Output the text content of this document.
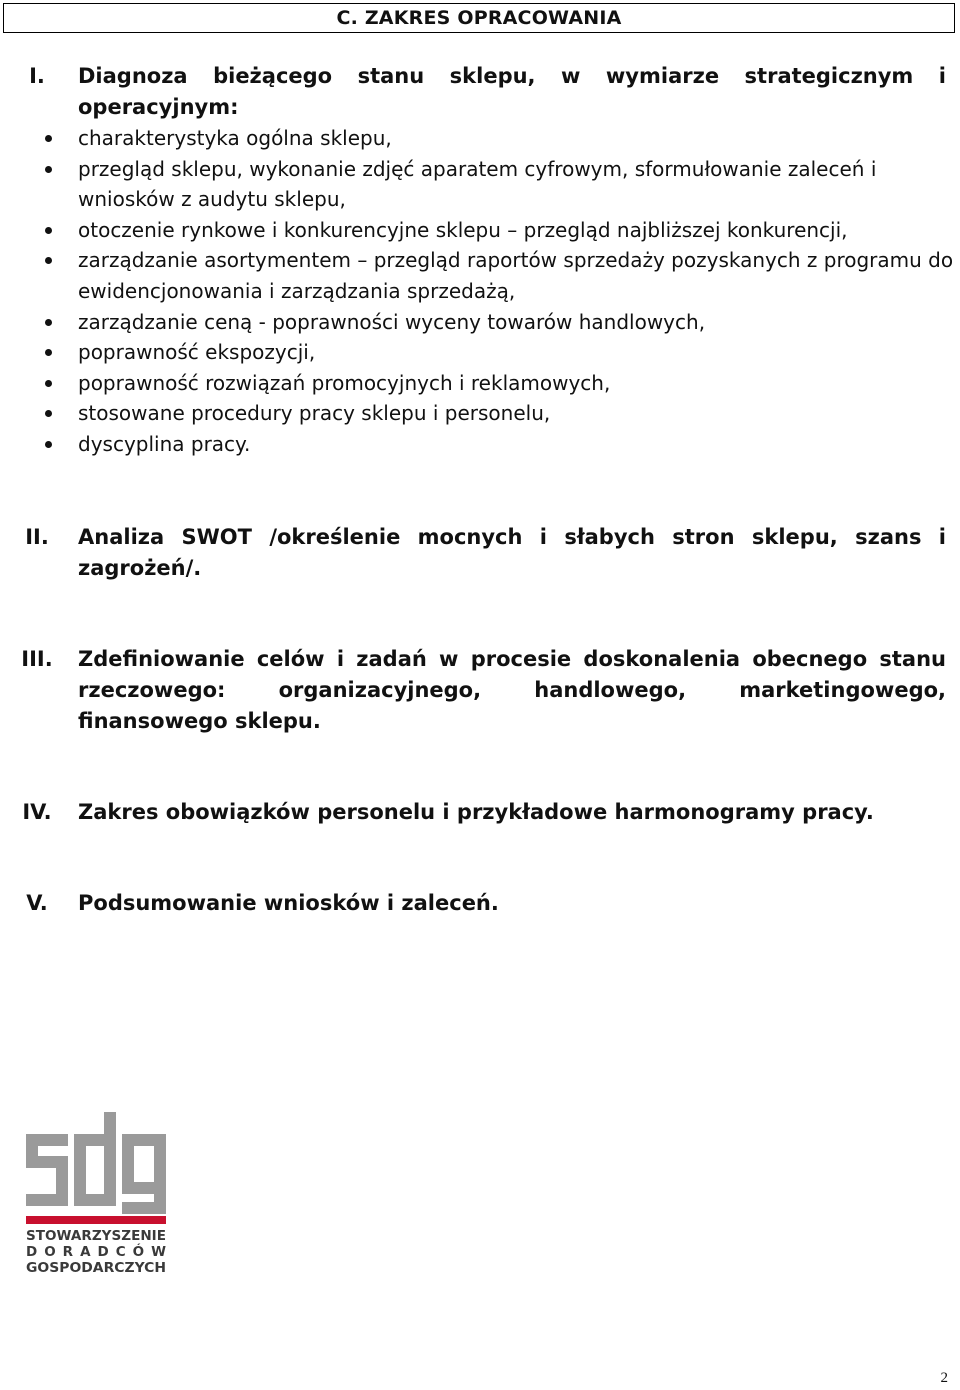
C. ZAKRES OPRACOWANIA
I.	Diagnoza bieżącego stanu sklepu, w wymiarze strategicznym i operacyjnym:
charakterystyka ogólna sklepu,
przegląd sklepu, wykonanie zdjęć aparatem cyfrowym, sformułowanie zaleceń i wniosków z audytu sklepu,
otoczenie rynkowe i konkurencyjne sklepu – przegląd najbliższej konkurencji,
zarządzanie asortymentem – przegląd raportów sprzedaży pozyskanych z programu do ewidencjonowania i zarządzania sprzedażą,
zarządzanie ceną - poprawności wyceny towarów handlowych,
poprawność ekspozycji,
poprawność rozwiązań promocyjnych i reklamowych,
stosowane procedury pracy sklepu i personelu,
dyscyplina pracy.
II.	Analiza SWOT /określenie mocnych i słabych stron sklepu, szans i zagrożeń/.
III.	Zdefiniowanie celów i zadań w procesie doskonalenia obecnego stanu rzeczowego: organizacyjnego, handlowego, marketingowego, finansowego sklepu.
IV.	Zakres obowiązków personelu i przykładowe harmonogramy pracy.
V.	Podsumowanie wniosków i zaleceń.
STOWARZYSZENIE
DORADCÓW
GOSPODARCZYCH
2
